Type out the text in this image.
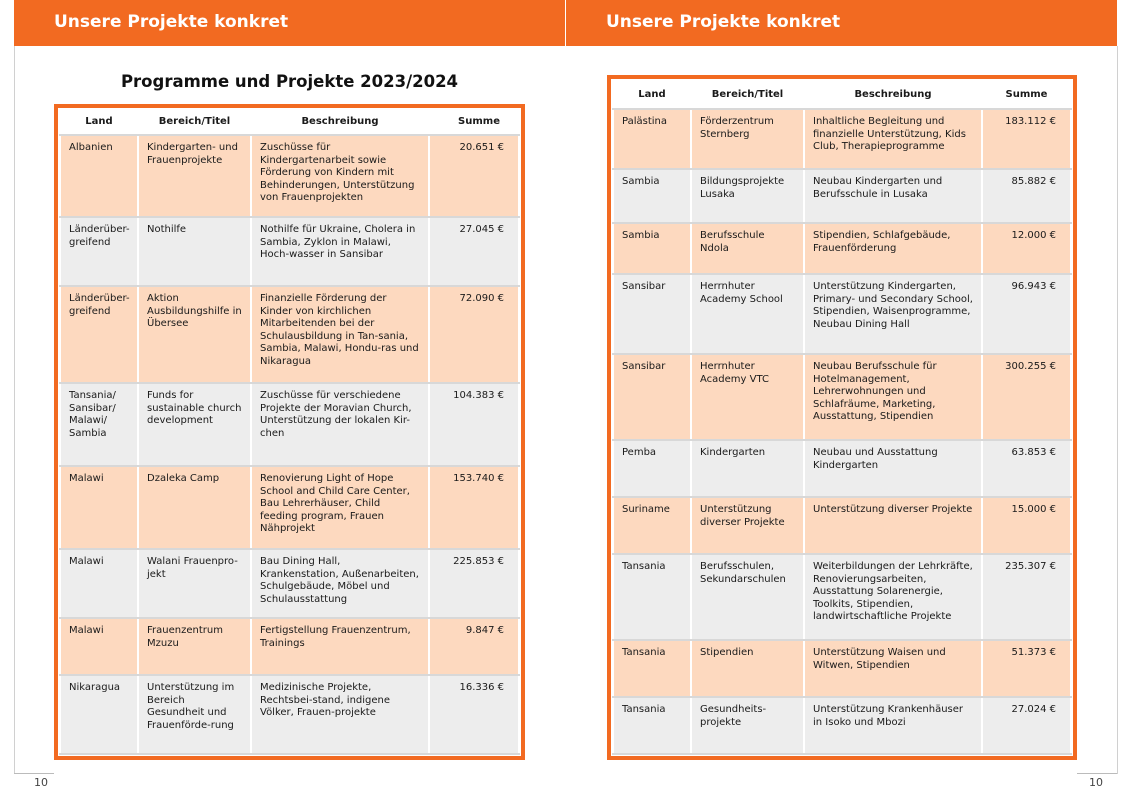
Unsere Projekte konkret
Programme und Projekte 2023/2024
Land	Bereich/Titel	Beschreibung	Summe
Albanien	Kindergarten- und Frauenprojekte	Zuschüsse für Kindergartenarbeit sowie Förderung von Kindern mit Behinderungen, Unterstützung von Frauenprojekten	20.651 €
Länderüber-greifend	Nothilfe	Nothilfe für Ukraine, Cholera in Sambia, Zyklon in Malawi, Hoch-wasser in Sansibar	27.045 €
Länderüber-greifend	Aktion Ausbildungshilfe in Übersee	Finanzielle Förderung der Kinder von kirchlichen Mitarbeitenden bei der Schulausbildung in Tan-sania, Sambia, Malawi, Hondu-ras und Nikaragua	72.090 €
Tansania/ Sansibar/ Malawi/ Sambia	Funds for sustainable church development	Zuschüsse für verschiedene Projekte der Moravian Church, Unterstützung der lokalen Kir-chen	104.383 €
Malawi	Dzaleka Camp	Renovierung Light of Hope School and Child Care Center, Bau Lehrerhäuser, Child feeding program, Frauen Nähprojekt	153.740 €
Malawi	Walani Frauenpro-jekt	Bau Dining Hall, Krankenstation, Außenarbeiten, Schulgebäude, Möbel und Schulausstattung	225.853 €
Malawi	Frauenzentrum Mzuzu	Fertigstellung Frauenzentrum, Trainings	9.847 €
Nikaragua	Unterstützung im Bereich Gesundheit und Frauenförde-rung	Medizinische Projekte, Rechtsbei-stand, indigene Völker, Frauen-projekte	16.336 €
10
Unsere Projekte konkret
Land	Bereich/Titel	Beschreibung	Summe
Palästina	Förderzentrum Sternberg	Inhaltliche Begleitung und finanzielle Unterstützung, Kids Club, Therapieprogramme	183.112 €
Sambia	Bildungsprojekte Lusaka	Neubau Kindergarten und Berufsschule in Lusaka	85.882 €
Sambia	Berufsschule Ndola	Stipendien, Schlafgebäude, Frauenförderung	12.000 €
Sansibar	Herrnhuter Academy School	Unterstützung Kindergarten, Primary- und Secondary School, Stipendien, Waisenprogramme, Neubau Dining Hall	96.943 €
Sansibar	Herrnhuter Academy VTC	Neubau Berufsschule für Hotelmanagement, Lehrerwohnungen und Schlafräume, Marketing, Ausstattung, Stipendien	300.255 €
Pemba	Kindergarten	Neubau und Ausstattung Kindergarten	63.853 €
Suriname	Unterstützung diverser Projekte	Unterstützung diverser Projekte	15.000 €
Tansania	Berufsschulen, Sekundarschulen	Weiterbildungen der Lehrkräfte, Renovierungsarbeiten, Ausstattung Solarenergie, Toolkits, Stipendien, landwirtschaftliche Projekte	235.307 €
Tansania	Stipendien	Unterstützung Waisen und Witwen, Stipendien	51.373 €
Tansania	Gesundheits-projekte	Unterstützung Krankenhäuser in Isoko und Mbozi	27.024 €
10
